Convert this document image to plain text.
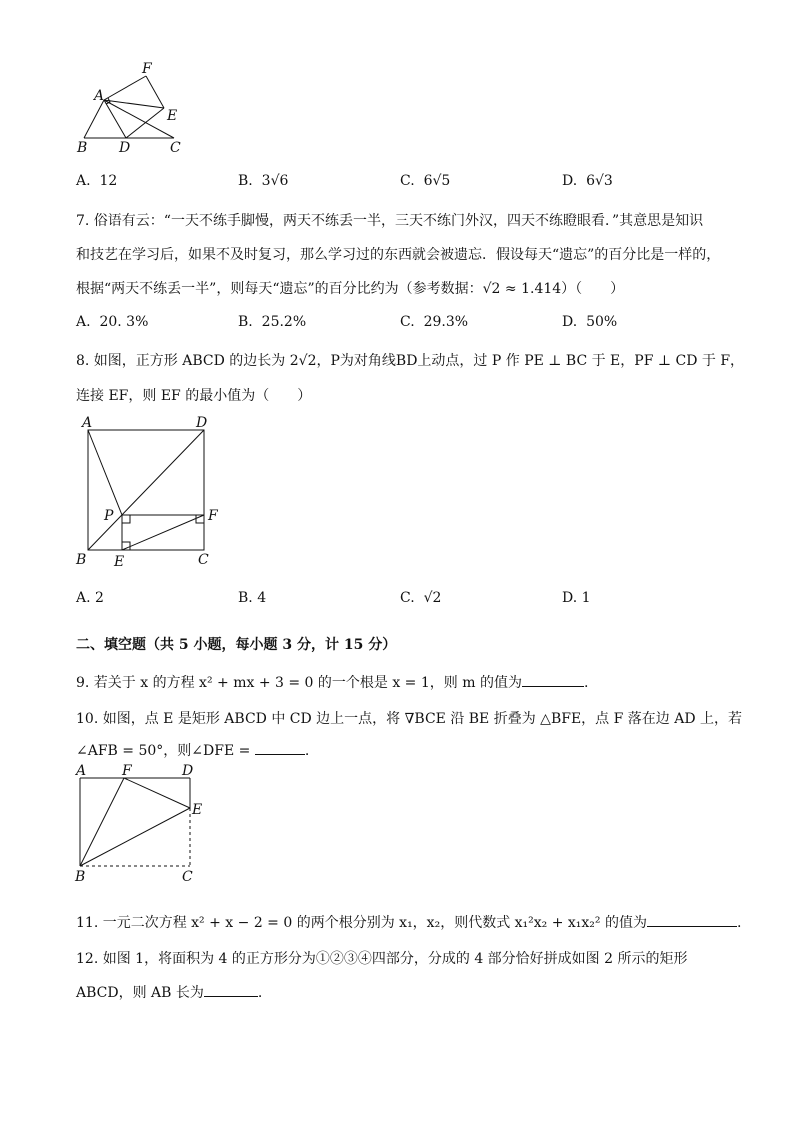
F
A
E
B D	C
A. 12	B. 3√6	C. 6√5	D. 6√3
7. 俗语有云：“一天不练手脚慢，两天不练丢一半，三天不练门外汉，四天不练瞪眼看．”其意思是知识
和技艺在学习后，如果不及时复习，那么学习过的东西就会被遗忘．假设每天“遗忘”的百分比是一样的，
根据“两天不练丢一半”，则每天“遗忘”的百分比约为（参考数据：√2 ≈ 1.414）（　　）
A. 20. 3%	B. 25.2%	C. 29.3%	D. 50%
8. 如图，正方形 ABCD 的边长为 2√2，P为对角线BD上动点，过 P 作 PE ⊥ BC 于 E，PF ⊥ CD 于 F，
连接 EF，则 EF 的最小值为（　　）
A	D
P	F
B E	C
A. 2	B. 4	C. √2	D. 1
二、填空题（共 5 小题，每小题 3 分，计 15 分）
9. 若关于 x 的方程 x² + mx + 3 = 0 的一个根是 x = 1，则 m 的值为	.
10. 如图，点 E 是矩形 ABCD 中 CD 边上一点，将 ∇BCE 沿 BE 折叠为 △BFE，点 F 落在边 AD 上，若
∠AFB = 50°，则∠DFE =	.
A	F	D
E
B	C
11. 一元二次方程 x² + x − 2 = 0 的两个根分别为 x₁，x₂，则代数式 x₁²x₂ + x₁x₂² 的值为	.
12. 如图 1，将面积为 4 的正方形分为①②③④四部分，分成的 4 部分恰好拼成如图 2 所示的矩形
ABCD，则 AB 长为	.
